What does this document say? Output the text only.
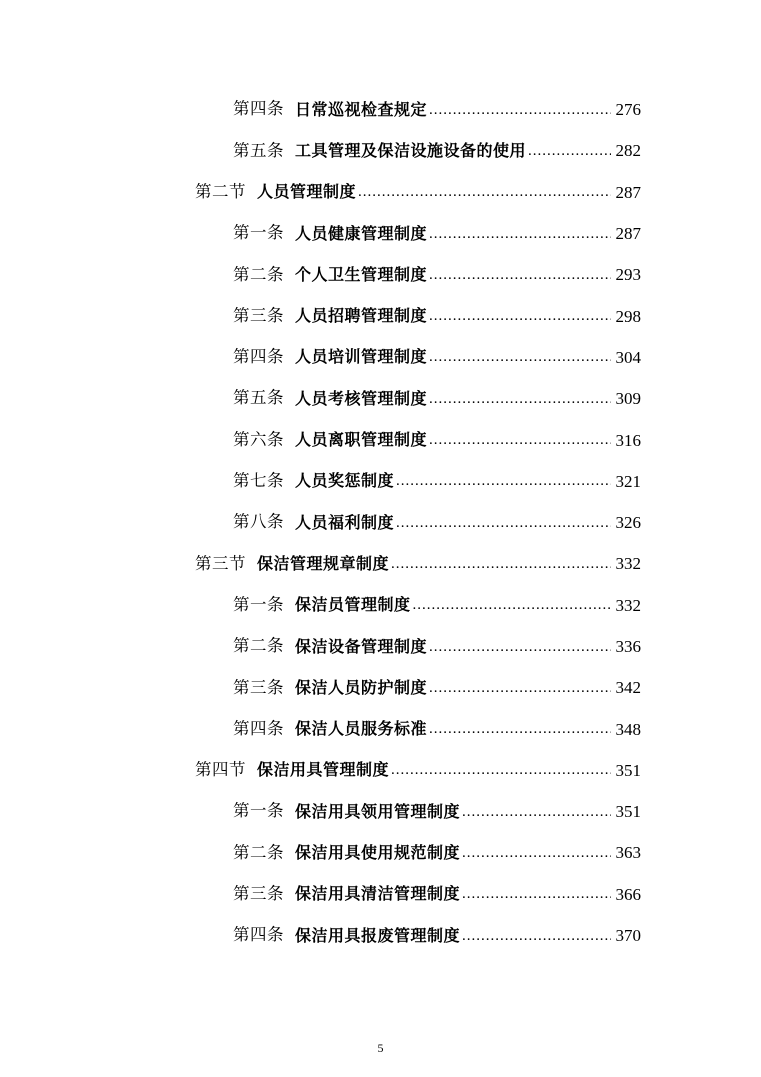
第四条 日常巡视检查规定 .....	276
第五条 工具管理及保洁设施设备的使用 .....	282
第二节 人员管理制度 .....	287
第一条 人员健康管理制度 .....	287
第二条 个人卫生管理制度 .....	293
第三条 人员招聘管理制度 .....	298
第四条 人员培训管理制度 .....	304
第五条 人员考核管理制度 .....	309
第六条 人员离职管理制度 .....	316
第七条 人员奖惩制度 .....	321
第八条 人员福利制度 .....	326
第三节 保洁管理规章制度 .....	332
第一条 保洁员管理制度 .....	332
第二条 保洁设备管理制度 .....	336
第三条 保洁人员防护制度 .....	342
第四条 保洁人员服务标准 .....	348
第四节 保洁用具管理制度 .....	351
第一条 保洁用具领用管理制度 .....	351
第二条 保洁用具使用规范制度 .....	363
第三条 保洁用具清洁管理制度 .....	366
第四条 保洁用具报废管理制度 .....	370
5
